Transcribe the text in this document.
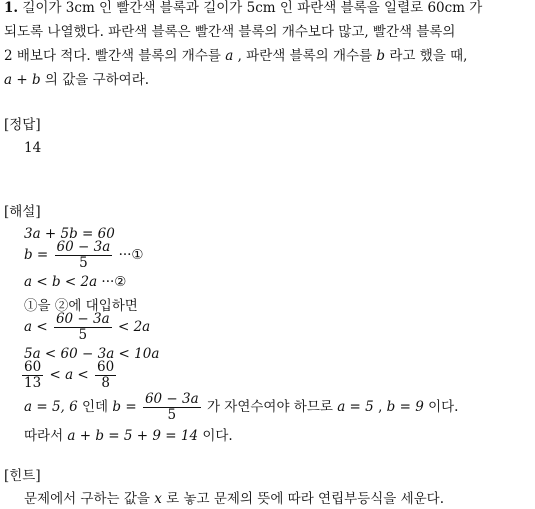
1. 길이가 3cm 인 빨간색 블록과 길이가 5cm 인 파란색 블록을 일렬로 60cm 가
되도록 나열했다. 파란색 블록은 빨간색 블록의 개수보다 많고, 빨간색 블록의
2 배보다 적다. 빨간색 블록의 개수를 a , 파란색 블록의 개수를 b 라고 했을 때,
a + b 의 값을 구하여라.
[정답]
14
[해설]
3a + 5b = 60
$b = \frac{60 - 3a}{5}$ ···①
a < b < 2a ···②
①을 ②에 대입하면
$a < \frac{60 - 3a}{5} < 2a$
5a < 60 − 3a < 10a
$\frac{60}{13} < a < \frac{60}{8}$
a = 5, 6 인데 $b = \frac{60 - 3a}{5}$ 가 자연수여야 하므로 a = 5 , b = 9 이다.
따라서 a + b = 5 + 9 = 14 이다.
[힌트]
문제에서 구하는 값을 x 로 놓고 문제의 뜻에 따라 연립부등식을 세운다.
